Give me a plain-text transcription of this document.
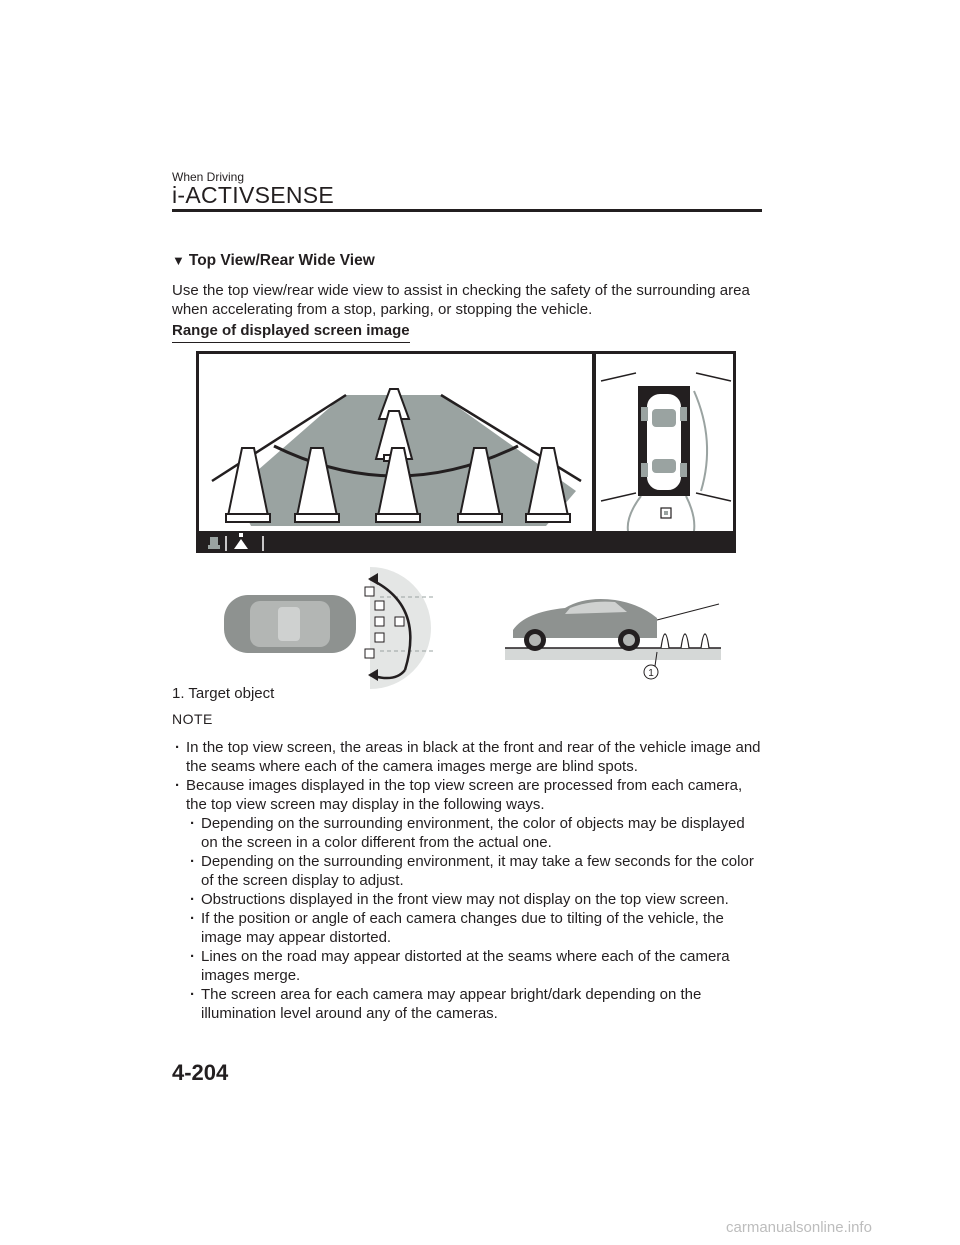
When Driving
i-ACTIVSENSE
▼ Top View/Rear Wide View
Use the top view/rear wide view to assist in checking the safety of the surrounding area when accelerating from a stop, parking, or stopping the vehicle.
Range of displayed screen image
1
1. Target object
NOTE
· In the top view screen, the areas in black at the front and rear of the vehicle image and the seams where each of the camera images merge are blind spots.
· Because images displayed in the top view screen are processed from each camera, the top view screen may display in the following ways.
· Depending on the surrounding environment, the color of objects may be displayed on the screen in a color different from the actual one.
· Depending on the surrounding environment, it may take a few seconds for the color of the screen display to adjust.
· Obstructions displayed in the front view may not display on the top view screen.
· If the position or angle of each camera changes due to tilting of the vehicle, the image may appear distorted.
· Lines on the road may appear distorted at the seams where each of the camera images merge.
· The screen area for each camera may appear bright/dark depending on the illumination level around any of the cameras.
4-204
carmanualsonline.info
